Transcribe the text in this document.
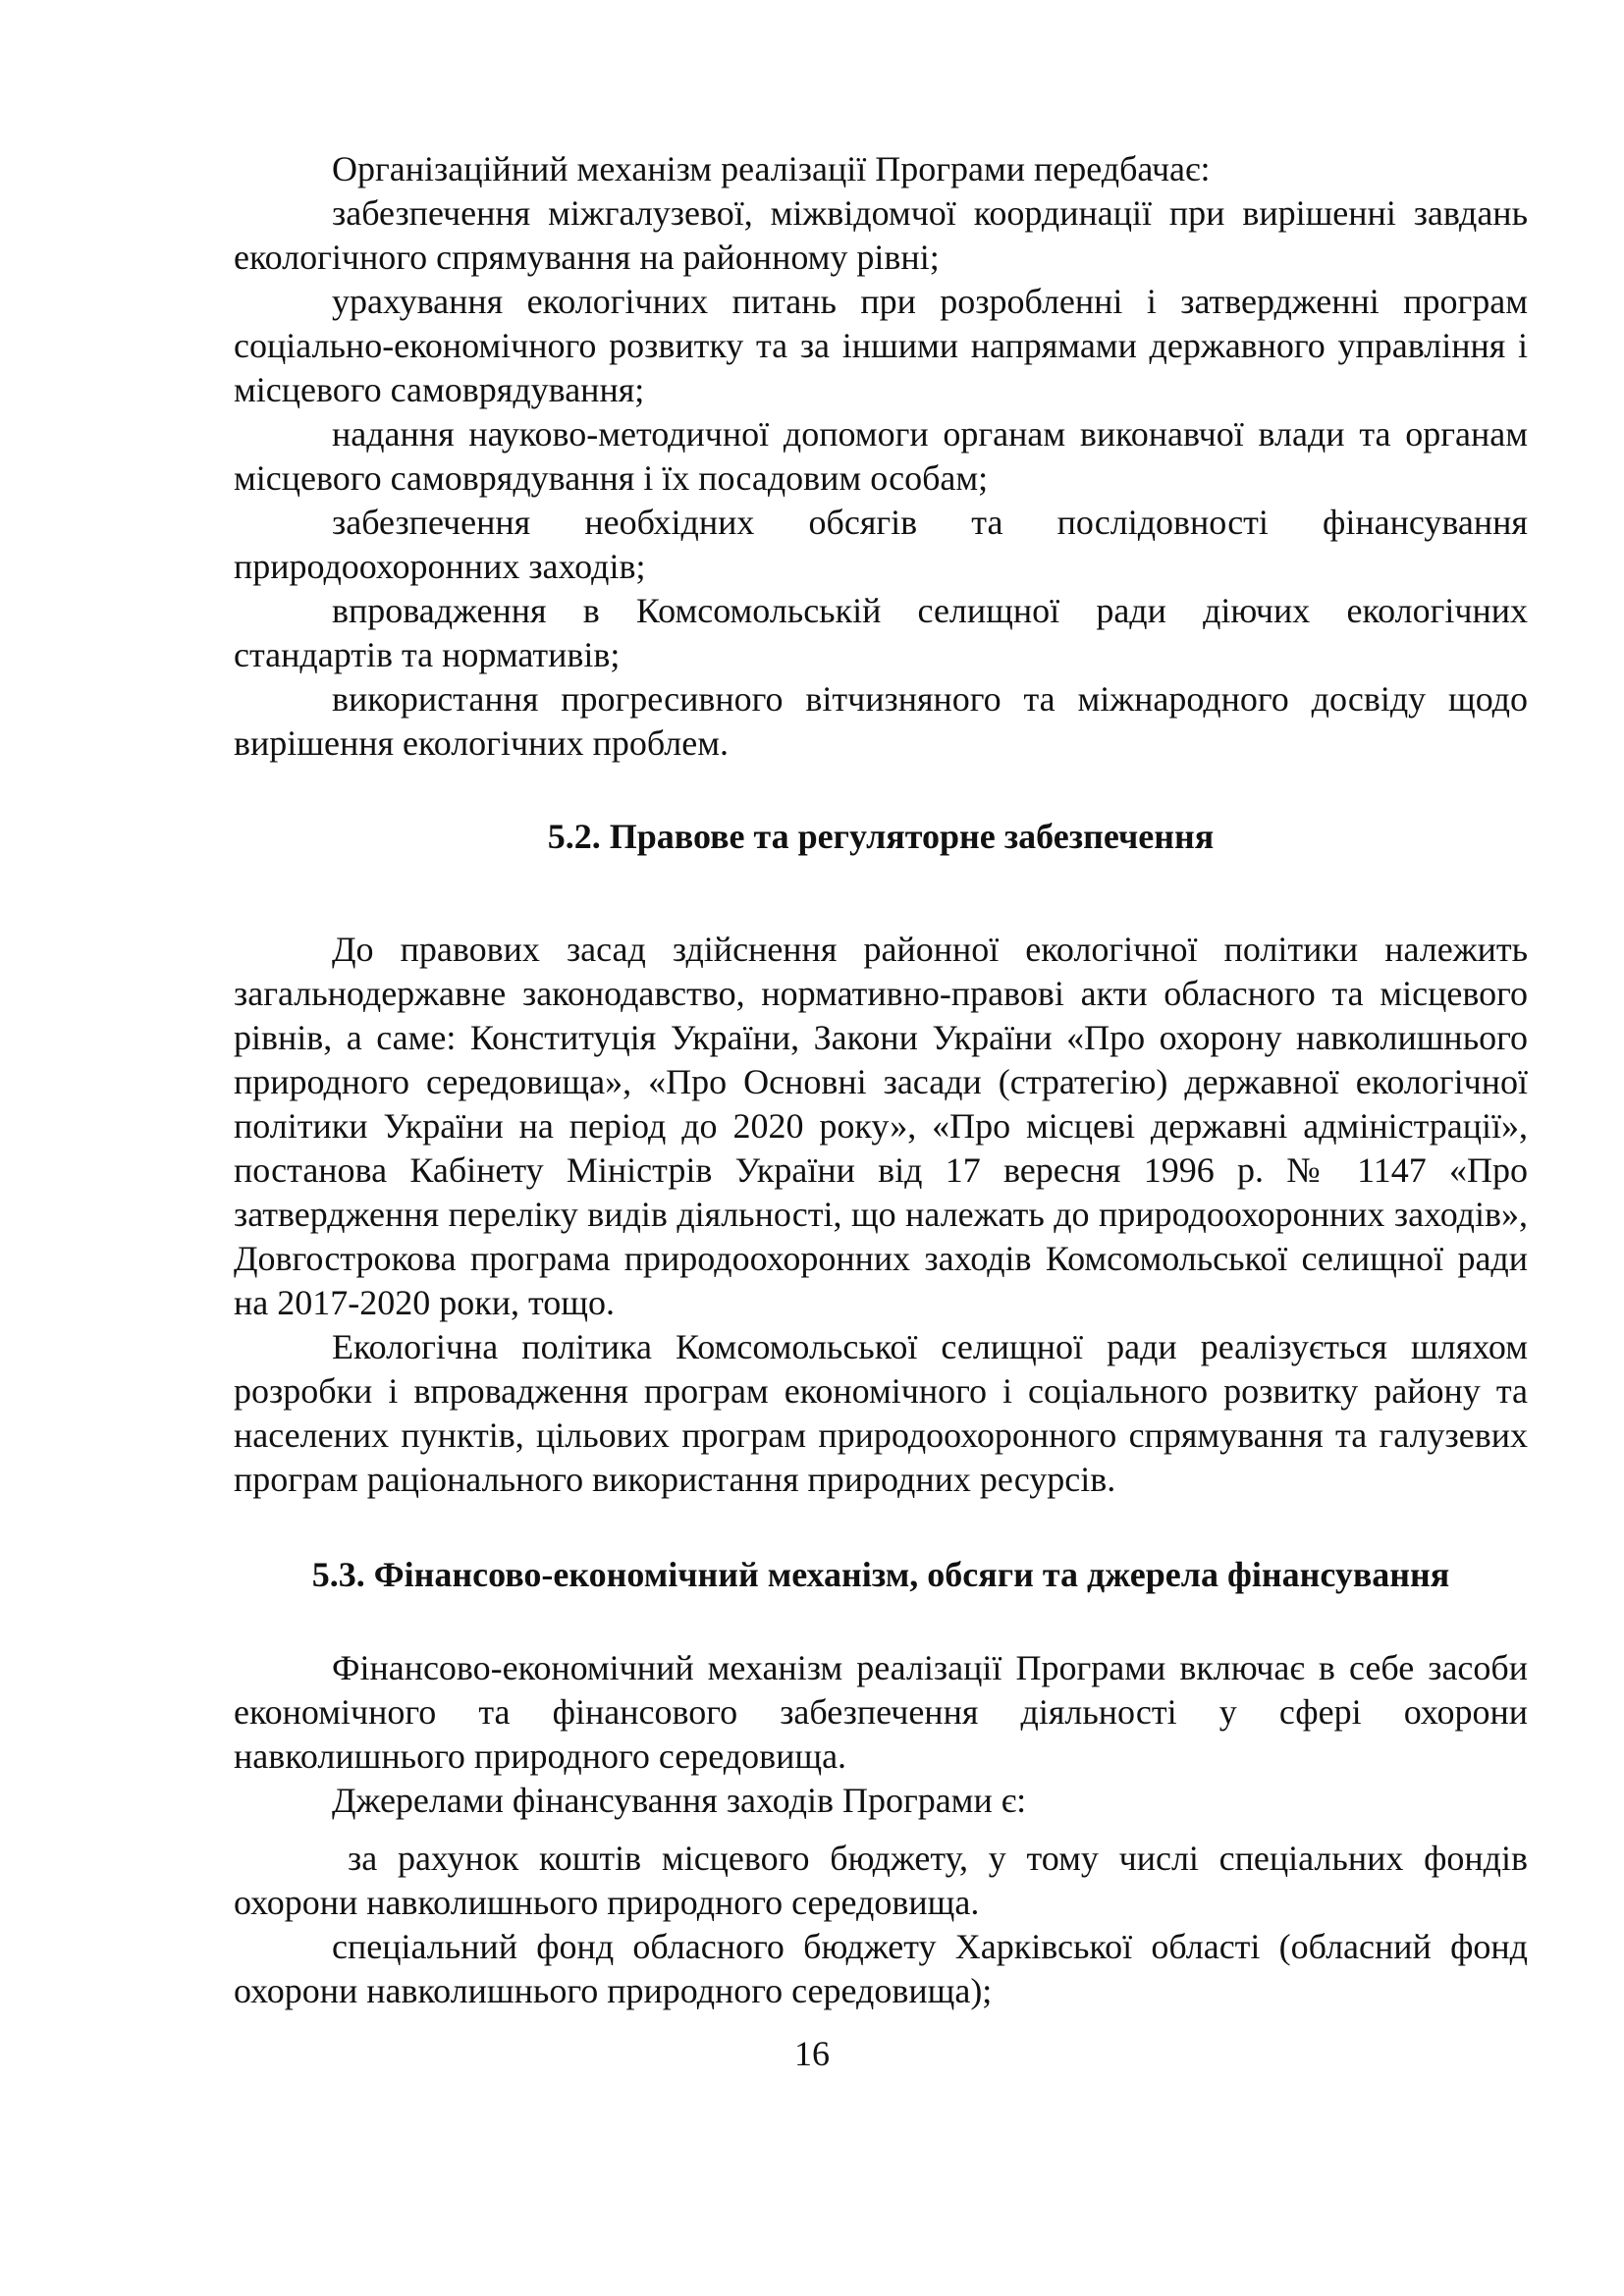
Організаційний механізм реалізації Програми передбачає:

забезпечення міжгалузевої, міжвідомчої координації при вирішенні завдань екологічного спрямування на районному рівні;

урахування екологічних питань при розробленні і затвердженні програм соціально-економічного розвитку та за іншими напрямами державного управління і місцевого самоврядування;

надання науково-методичної допомоги органам виконавчої влади та органам місцевого самоврядування і їх посадовим особам;

забезпечення необхідних обсягів та послідовності фінансування природоохоронних заходів;

впровадження в Комсомольській селищної ради діючих екологічних стандартів та нормативів;

використання прогресивного вітчизняного та міжнародного досвіду щодо вирішення екологічних проблем.

5.2. Правове та регуляторне забезпечення

До правових засад здійснення районної екологічної політики належить загальнодержавне законодавство, нормативно-правові акти обласного та місцевого рівнів, а саме: Конституція України, Закони України «Про охорону навколишнього природного середовища», «Про Основні засади (стратегію) державної екологічної політики України на період до 2020 року», «Про місцеві державні адміністрації», постанова Кабінету Міністрів України від 17 вересня 1996 р. № 1147 «Про затвердження переліку видів діяльності, що належать до природоохоронних заходів», Довгострокова програма природоохоронних заходів Комсомольської селищної ради на 2017-2020 роки, тощо.

Екологічна політика Комсомольської селищної ради реалізується шляхом розробки і впровадження програм економічного і соціального розвитку району та населених пунктів, цільових програм природоохоронного спрямування та галузевих програм раціонального використання природних ресурсів.

5.3. Фінансово-економічний механізм, обсяги та джерела фінансування

Фінансово-економічний механізм реалізації Програми включає в себе засоби економічного та фінансового забезпечення діяльності у сфері охорони навколишнього природного середовища.

Джерелами фінансування заходів Програми є:

за рахунок коштів місцевого бюджету, у тому числі спеціальних фондів охорони навколишнього природного середовища.

спеціальний фонд обласного бюджету Харківської області (обласний фонд охорони навколишнього природного середовища);

16
